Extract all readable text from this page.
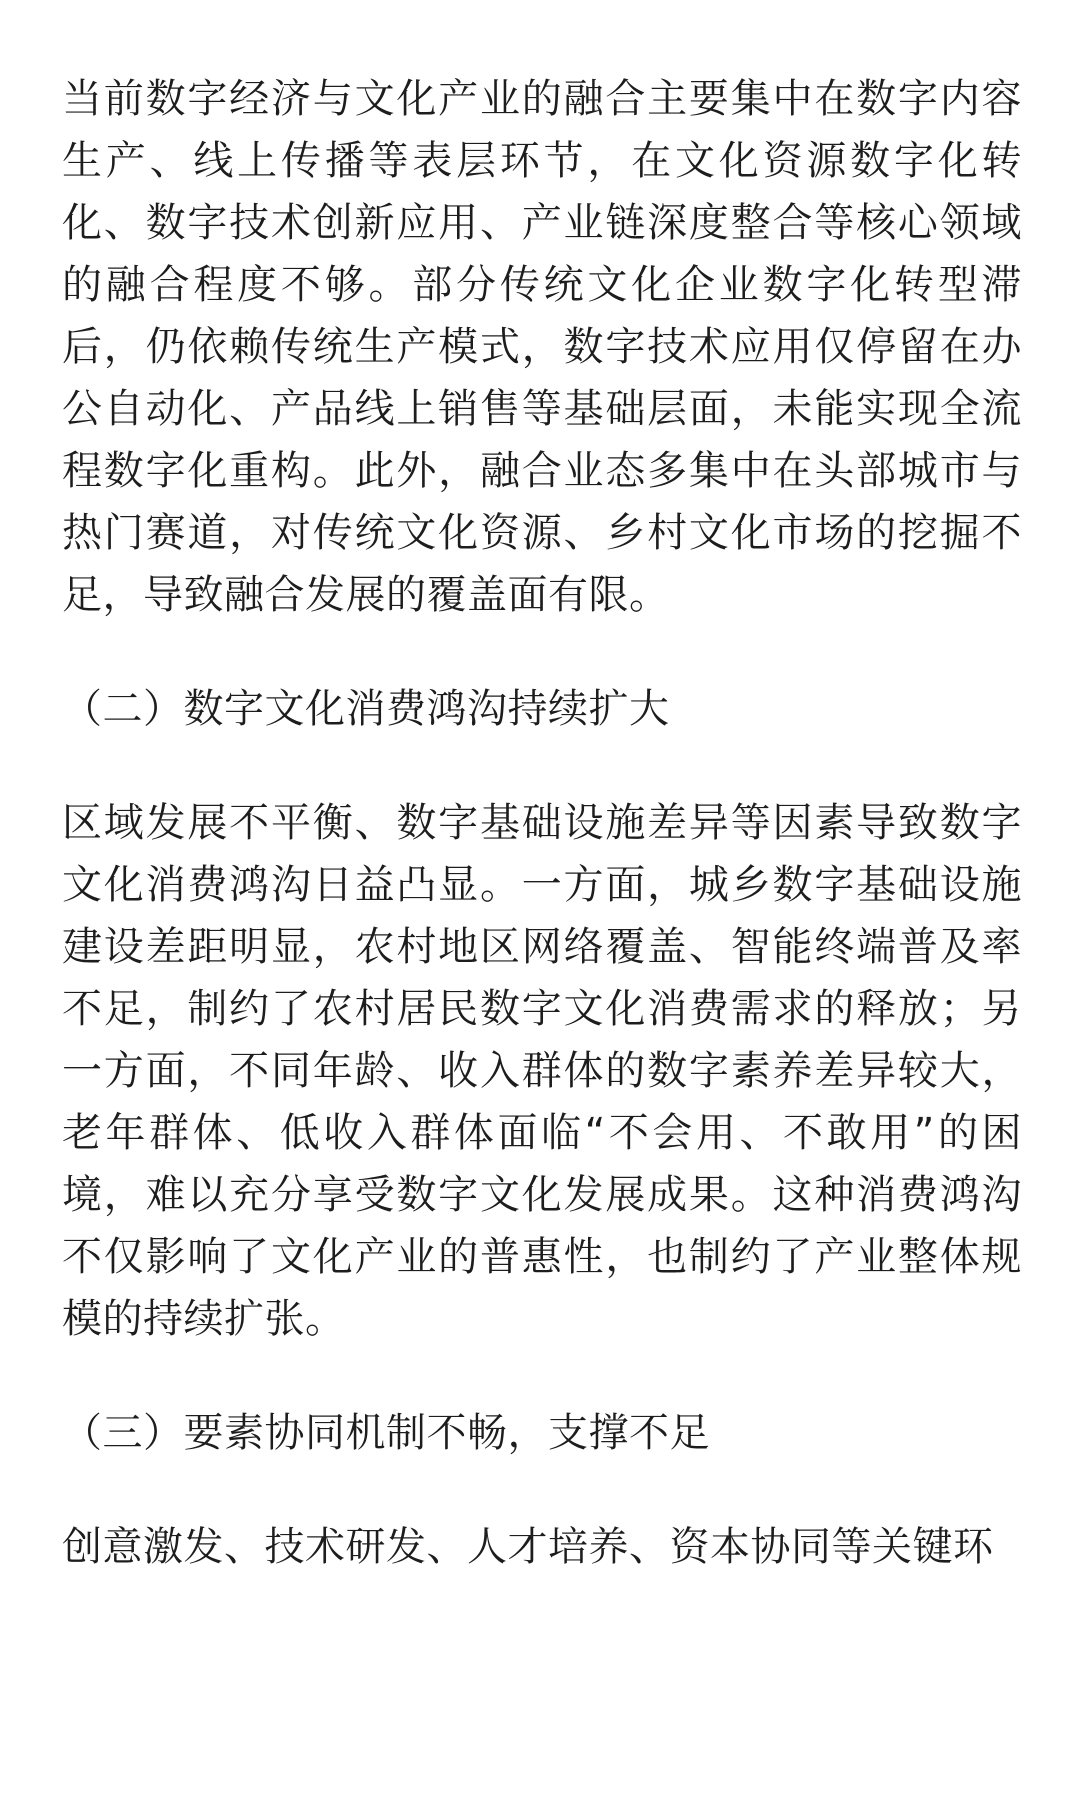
当前数字经济与文化产业的融合主要集中在数字内容生产、线上传播等表层环节，在文化资源数字化转化、数字技术创新应用、产业链深度整合等核心领域的融合程度不够。部分传统文化企业数字化转型滞后，仍依赖传统生产模式，数字技术应用仅停留在办公自动化、产品线上销售等基础层面，未能实现全流程数字化重构。此外，融合业态多集中在头部城市与热门赛道，对传统文化资源、乡村文化市场的挖掘不足，导致融合发展的覆盖面有限。

（二）数字文化消费鸿沟持续扩大

区域发展不平衡、数字基础设施差异等因素导致数字文化消费鸿沟日益凸显。一方面，城乡数字基础设施建设差距明显，农村地区网络覆盖、智能终端普及率不足，制约了农村居民数字文化消费需求的释放；另一方面，不同年龄、收入群体的数字素养差异较大，老年群体、低收入群体面临“不会用、不敢用”的困境，难以充分享受数字文化发展成果。这种消费鸿沟不仅影响了文化产业的普惠性，也制约了产业整体规模的持续扩张。

（三）要素协同机制不畅，支撑不足

创意激发、技术研发、人才培养、资本协同等关键环
